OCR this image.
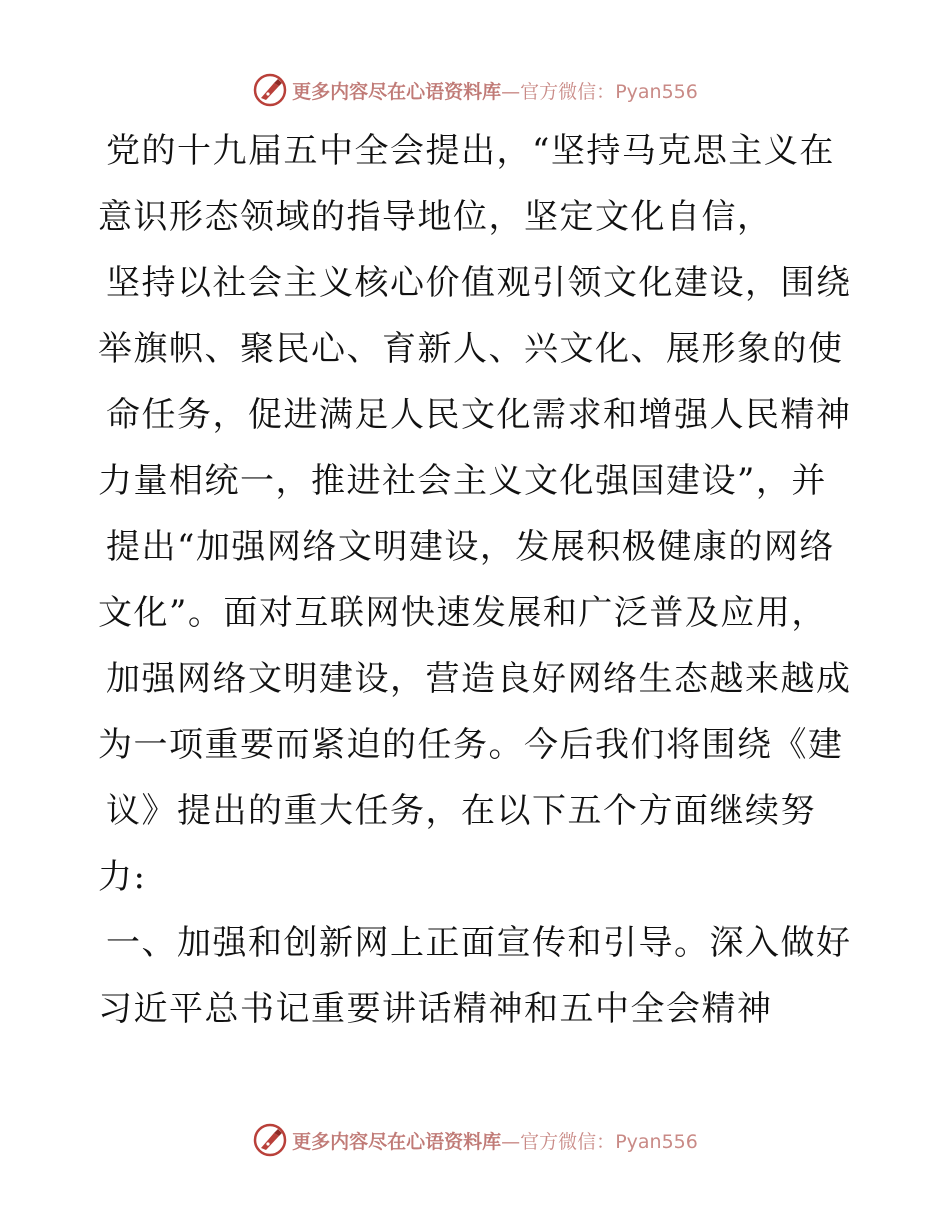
更多内容尽在心语资料库—官方微信：Pyan556
党的十九届五中全会提出，“坚持马克思主义在
意识形态领域的指导地位，坚定文化自信，
坚持以社会主义核心价值观引领文化建设，围绕
举旗帜、聚民心、育新人、兴文化、展形象的使
命任务，促进满足人民文化需求和增强人民精神
力量相统一，推进社会主义文化强国建设”，并
提出“加强网络文明建设，发展积极健康的网络
文化”。面对互联网快速发展和广泛普及应用，
加强网络文明建设，营造良好网络生态越来越成
为一项重要而紧迫的任务。今后我们将围绕《建
议》提出的重大任务，在以下五个方面继续努
力:
一、加强和创新网上正面宣传和引导。深入做好
习近平总书记重要讲话精神和五中全会精神
更多内容尽在心语资料库—官方微信：Pyan556
